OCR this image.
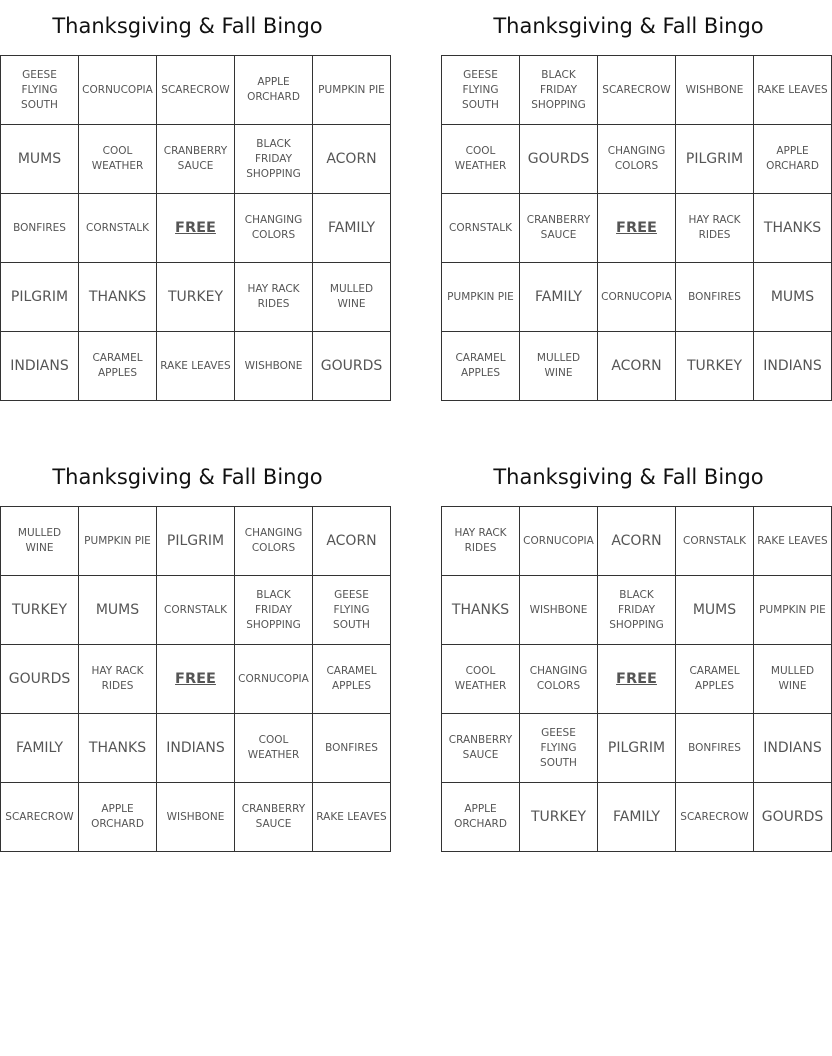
Thanksgiving & Fall Bingo
GEESE FLYING SOUTH	CORNUCOPIA	SCARECROW	APPLE ORCHARD	PUMPKIN PIE
MUMS	COOL WEATHER	CRANBERRY SAUCE	BLACK FRIDAY SHOPPING	ACORN
BONFIRES	CORNSTALK	FREE	CHANGING COLORS	FAMILY
PILGRIM	THANKS	TURKEY	HAY RACK RIDES	MULLED WINE
INDIANS	CARAMEL APPLES	RAKE LEAVES	WISHBONE	GOURDS
Thanksgiving & Fall Bingo
GEESE FLYING SOUTH	BLACK FRIDAY SHOPPING	SCARECROW	WISHBONE	RAKE LEAVES
COOL WEATHER	GOURDS	CHANGING COLORS	PILGRIM	APPLE ORCHARD
CORNSTALK	CRANBERRY SAUCE	FREE	HAY RACK RIDES	THANKS
PUMPKIN PIE	FAMILY	CORNUCOPIA	BONFIRES	MUMS
CARAMEL APPLES	MULLED WINE	ACORN	TURKEY	INDIANS
Thanksgiving & Fall Bingo
MULLED WINE	PUMPKIN PIE	PILGRIM	CHANGING COLORS	ACORN
TURKEY	MUMS	CORNSTALK	BLACK FRIDAY SHOPPING	GEESE FLYING SOUTH
GOURDS	HAY RACK RIDES	FREE	CORNUCOPIA	CARAMEL APPLES
FAMILY	THANKS	INDIANS	COOL WEATHER	BONFIRES
SCARECROW	APPLE ORCHARD	WISHBONE	CRANBERRY SAUCE	RAKE LEAVES
Thanksgiving & Fall Bingo
HAY RACK RIDES	CORNUCOPIA	ACORN	CORNSTALK	RAKE LEAVES
THANKS	WISHBONE	BLACK FRIDAY SHOPPING	MUMS	PUMPKIN PIE
COOL WEATHER	CHANGING COLORS	FREE	CARAMEL APPLES	MULLED WINE
CRANBERRY SAUCE	GEESE FLYING SOUTH	PILGRIM	BONFIRES	INDIANS
APPLE ORCHARD	TURKEY	FAMILY	SCARECROW	GOURDS
